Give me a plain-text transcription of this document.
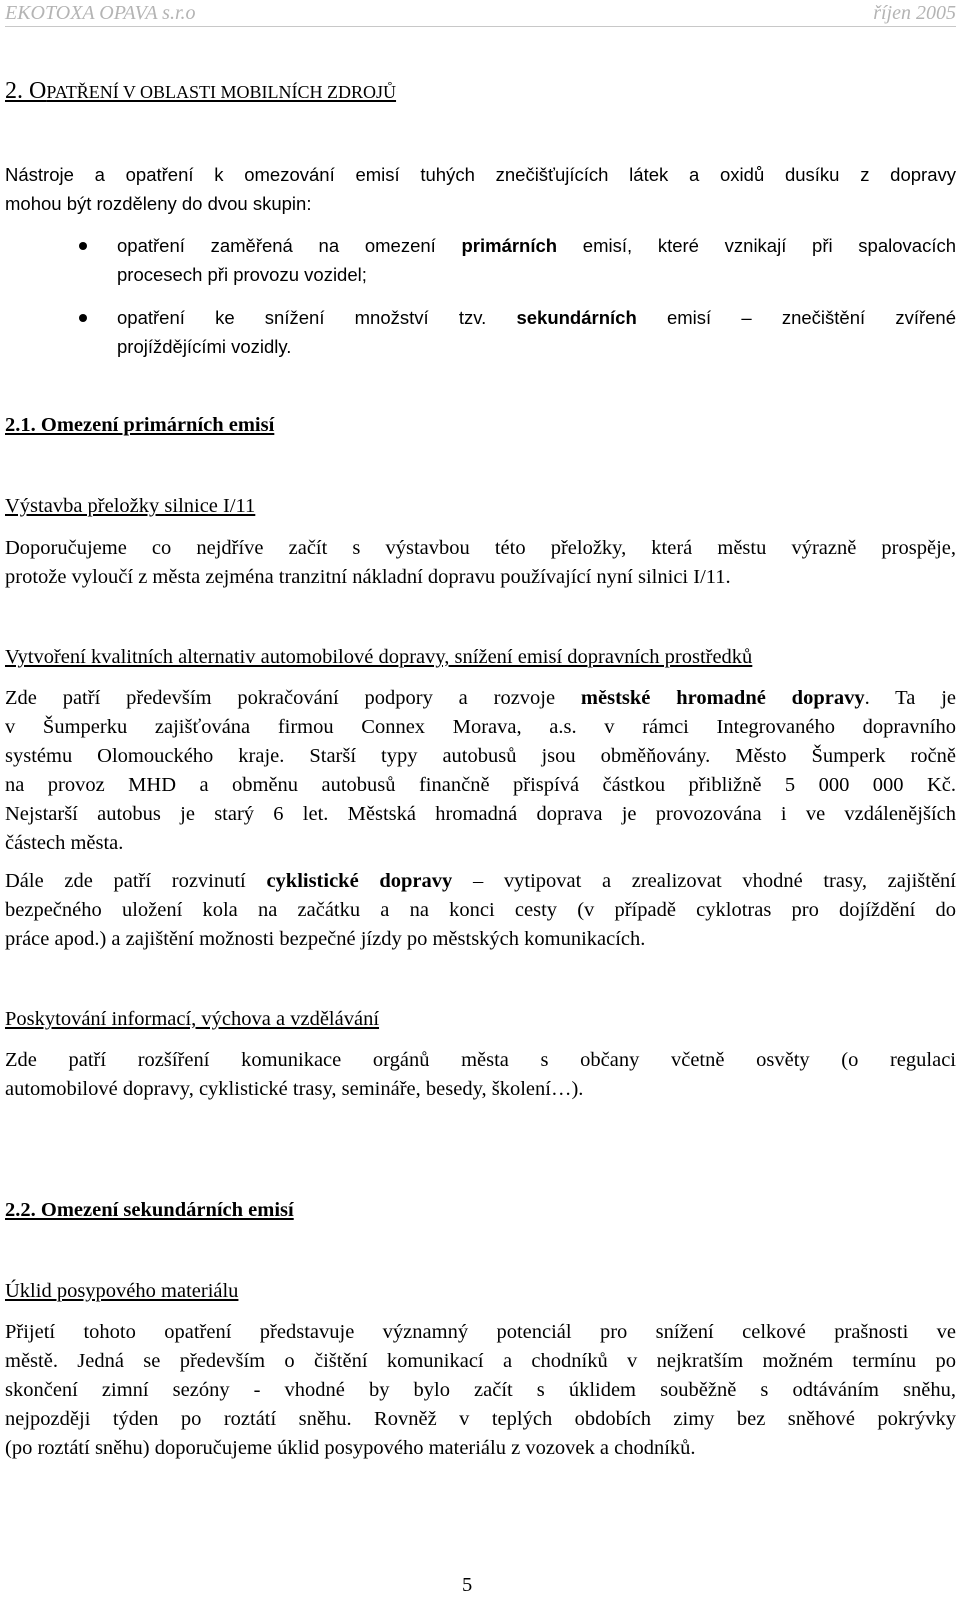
EKOTOXA OPAVA s.r.o	říjen 2005
2. OPATŘENÍ V OBLASTI MOBILNÍCH ZDROJŮ
Nástroje a opatření k omezování emisí tuhých znečišťujících látek a oxidů dusíku z dopravy
mohou být rozděleny do dvou skupin:
opatření zaměřená na omezení primárních emisí, které vznikají při spalovacích
procesech při provozu vozidel;
opatření ke snížení množství tzv. sekundárních emisí – znečištění zvířené
projíždějícími vozidly.
2.1. Omezení primárních emisí
Výstavba přeložky silnice I/11
Doporučujeme co nejdříve začít s výstavbou této přeložky, která městu výrazně prospěje,
protože vyloučí z města zejména tranzitní nákladní dopravu používající nyní silnici I/11.
Vytvoření kvalitních alternativ automobilové dopravy, snížení emisí dopravních prostředků
Zde patří především pokračování podpory a rozvoje městské hromadné dopravy. Ta je
v Šumperku zajišťována firmou Connex Morava, a.s. v rámci Integrovaného dopravního
systému Olomouckého kraje. Starší typy autobusů jsou obměňovány. Město Šumperk ročně
na provoz MHD a obměnu autobusů finančně přispívá částkou přibližně 5 000 000 Kč.
Nejstarší autobus je starý 6 let. Městská hromadná doprava je provozována i ve vzdálenějších
částech města.
Dále zde patří rozvinutí cyklistické dopravy – vytipovat a zrealizovat vhodné trasy, zajištění
bezpečného uložení kola na začátku a na konci cesty (v případě cyklotras pro dojíždění do
práce apod.) a zajištění možnosti bezpečné jízdy po městských komunikacích.
Poskytování informací, výchova a vzdělávání
Zde patří rozšíření komunikace orgánů města s občany včetně osvěty (o regulaci
automobilové dopravy, cyklistické trasy, semináře, besedy, školení…).
2.2. Omezení sekundárních emisí
Úklid posypového materiálu
Přijetí tohoto opatření představuje významný potenciál pro snížení celkové prašnosti ve
městě. Jedná se především o čištění komunikací a chodníků v nejkratším možném termínu po
skončení zimní sezóny - vhodné by bylo začít s úklidem souběžně s odtáváním sněhu,
nejpozději týden po roztátí sněhu. Rovněž v teplých obdobích zimy bez sněhové pokrývky
(po roztátí sněhu) doporučujeme úklid posypového materiálu z vozovek a chodníků.
5
